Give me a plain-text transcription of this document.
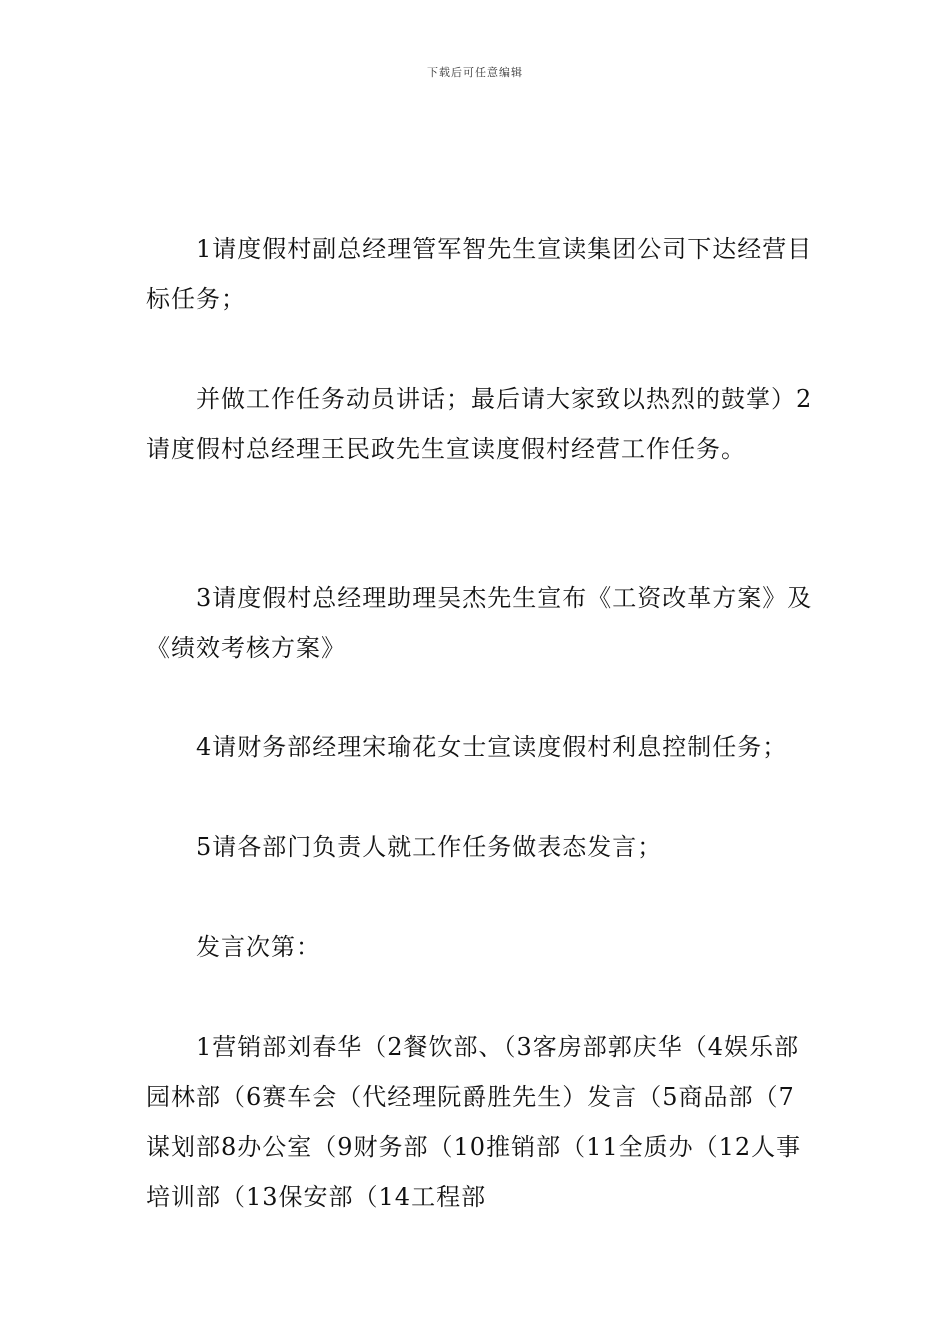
下载后可任意编辑
1请度假村副总经理管军智先生宣读集团公司下达经营目标任务；
并做工作任务动员讲话；最后请大家致以热烈的鼓掌）2请度假村总经理王民政先生宣读度假村经营工作任务。
3请度假村总经理助理吴杰先生宣布《工资改革方案》及《绩效考核方案》
4请财务部经理宋瑜花女士宣读度假村利息控制任务；
5请各部门负责人就工作任务做表态发言；
发言次第：
1营销部刘春华（2餐饮部、（3客房部郭庆华（4娱乐部园林部（6赛车会（代经理阮爵胜先生）发言（5商品部（7谋划部8办公室（9财务部（10推销部（11全质办（12人事培训部（13保安部（14工程部
